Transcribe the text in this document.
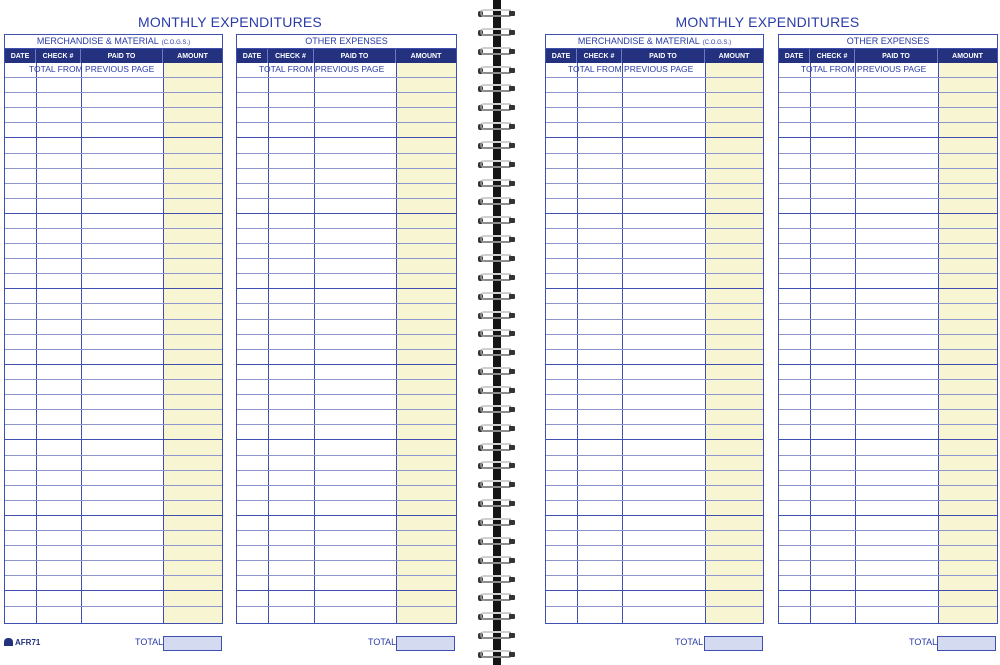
MONTHLY EXPENDITURES
MERCHANDISE & MATERIAL (C.O.G.S.)
DATE	CHECK #	PAID TO	AMOUNT
TOTAL FROM PREVIOUS PAGE
OTHER EXPENSES
DATE	CHECK #	PAID TO	AMOUNT
TOTAL FROM PREVIOUS PAGE
AFR71	TOTAL	TOTAL
MONTHLY EXPENDITURES
MERCHANDISE & MATERIAL (C.O.G.S.)
DATE	CHECK #	PAID TO	AMOUNT
TOTAL FROM PREVIOUS PAGE
OTHER EXPENSES
DATE	CHECK #	PAID TO	AMOUNT
TOTAL FROM PREVIOUS PAGE
TOTAL	TOTAL
